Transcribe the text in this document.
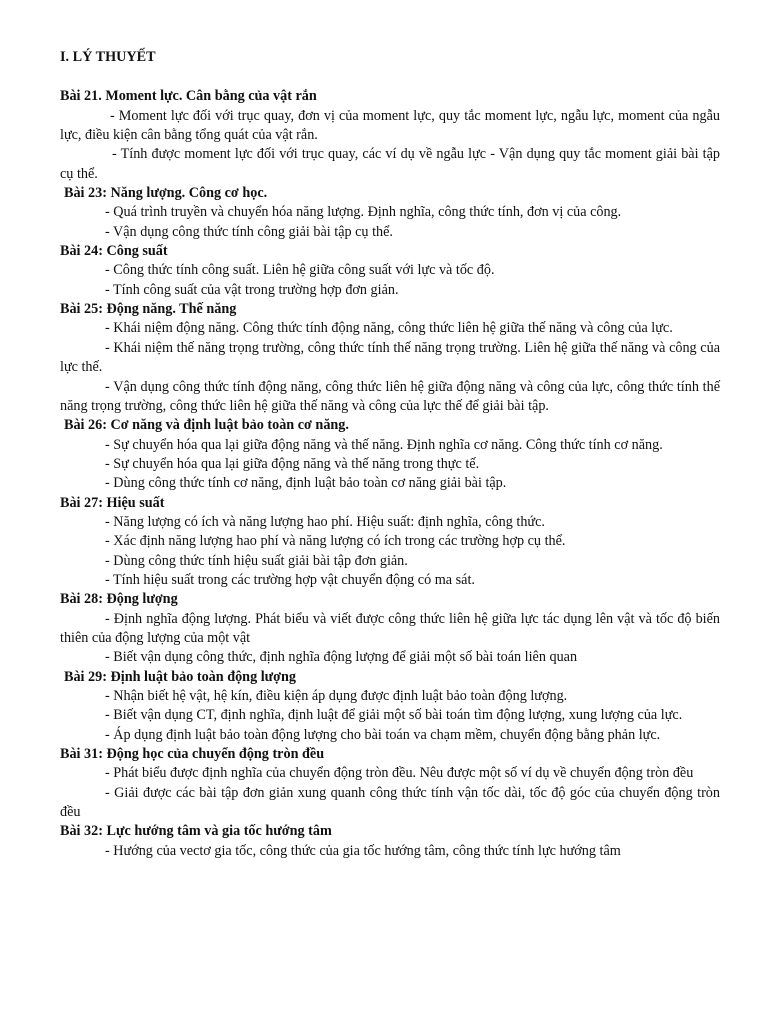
I. LÝ THUYẾT
Bài 21. Moment lực. Cân bằng của vật rắn
- Moment lực đối với trục quay, đơn vị của moment lực, quy tắc moment lực, ngẫu lực, moment của ngẫu lực, điều kiện cân bằng tổng quát của vật rắn.
- Tính được moment lực đối với trục quay, các ví dụ về ngẫu lực - Vận dụng quy tắc moment giải bài tập cụ thể.
Bài 23: Năng lượng. Công cơ học.
- Quá trình truyền và chuyển hóa năng lượng. Định nghĩa, công thức tính, đơn vị của công.
- Vận dụng công thức tính công giải bài tập cụ thể.
Bài 24: Công suất
- Công thức tính công suất. Liên hệ giữa công suất với lực và tốc độ.
- Tính công suất của vật trong trường hợp đơn giản.
Bài 25: Động năng. Thế năng
- Khái niệm động năng. Công thức tính động năng, công thức liên hệ giữa thế năng và công của lực.
- Khái niệm thế năng trọng trường, công thức tính thế năng trọng trường. Liên hệ giữa thế năng và công của lực thế.
- Vận dụng công thức tính động năng, công thức liên hệ giữa động năng và công của lực, công thức tính thế năng trọng trường, công thức liên hệ giữa thế năng và công của lực thế để giải bài tập.
Bài 26: Cơ năng và định luật bảo toàn cơ năng.
- Sự chuyển hóa qua lại giữa động năng và thế năng. Định nghĩa cơ năng. Công thức tính cơ năng.
- Sự chuyển hóa qua lại giữa động năng và thế năng trong thực tế.
- Dùng công thức tính cơ năng, định luật bảo toàn cơ năng giải bài tập.
Bài 27: Hiệu suất
- Năng lượng có ích và năng lượng hao phí. Hiệu suất: định nghĩa, công thức.
- Xác định năng lượng hao phí và năng lượng có ích trong các trường hợp cụ thể.
- Dùng công thức tính hiệu suất giải bài tập đơn giản.
- Tính hiệu suất trong các trường hợp vật chuyển động có ma sát.
Bài 28: Động lượng
- Định nghĩa động lượng. Phát biểu và viết được công thức liên hệ giữa lực tác dụng lên vật và tốc độ biến thiên của động lượng của một vật
- Biết vận dụng công thức, định nghĩa động lượng để giải một số bài toán liên quan
Bài 29: Định luật bảo toàn động lượng
- Nhận biết hệ vật, hệ kín, điều kiện áp dụng được định luật bảo toàn động lượng.
- Biết vận dụng CT, định nghĩa, định luật để giải một số bài toán tìm động lượng, xung lượng của lực.
- Áp dụng định luật bảo toàn động lượng cho bài toán va chạm mềm, chuyển động bằng phản lực.
Bài 31: Động học của chuyển động tròn đều
- Phát biểu được định nghĩa của chuyển động tròn đều. Nêu được một số ví dụ về chuyển động tròn đều
- Giải được các bài tập đơn giản xung quanh công thức tính vận tốc dài, tốc độ góc của chuyển động tròn đều
Bài 32: Lực hướng tâm và gia tốc hướng tâm
- Hướng của vectơ gia tốc, công thức của gia tốc hướng tâm, công thức tính lực hướng tâm
